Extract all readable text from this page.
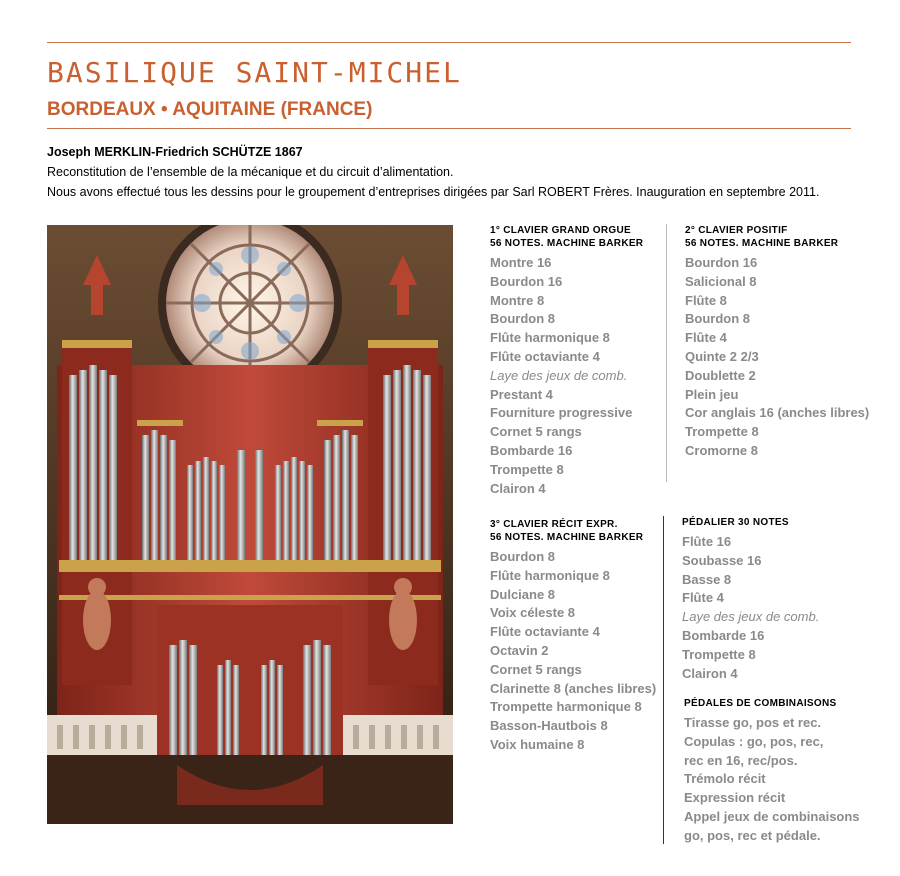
BASILIQUE SAINT-MICHEL
BORDEAUX • AQUITAINE (FRANCE)
Joseph MERKLIN-Friedrich SCHÜTZE 1867
Reconstitution de l’ensemble de la mécanique et du circuit d’alimentation.
Nous avons effectué tous les dessins pour le groupement d’entreprises dirigées par Sarl ROBERT Frères. Inauguration en septembre 2011.
1° CLAVIER GRAND ORGUE
56 NOTES. MACHINE BARKER
Montre 16
Bourdon 16
Montre 8
Bourdon 8
Flûte harmonique 8
Flûte octaviante 4
Laye des jeux de comb.
Prestant 4
Fourniture progressive
Cornet 5 rangs
Bombarde 16
Trompette 8
Clairon 4
2° CLAVIER POSITIF
56 NOTES. MACHINE BARKER
Bourdon 16
Salicional 8
Flûte 8
Bourdon 8
Flûte 4
Quinte 2 2/3
Doublette 2
Plein jeu
Cor anglais 16 (anches libres)
Trompette 8
Cromorne 8
3° CLAVIER RÉCIT EXPR.
56 NOTES. MACHINE BARKER
Bourdon 8
Flûte harmonique 8
Dulciane 8
Voix céleste 8
Flûte octaviante 4
Octavin 2
Cornet 5 rangs
Clarinette 8 (anches libres)
Trompette harmonique 8
Basson-Hautbois 8
Voix humaine 8
PÉDALIER 30 NOTES
Flûte 16
Soubasse 16
Basse 8
Flûte 4
Laye des jeux de comb.
Bombarde 16
Trompette 8
Clairon 4
PÉDALES DE COMBINAISONS
Tirasse go, pos et rec.
Copulas : go, pos, rec,
rec en 16, rec/pos.
Trémolo récit
Expression récit
Appel jeux de combinaisons
go, pos, rec et pédale.
